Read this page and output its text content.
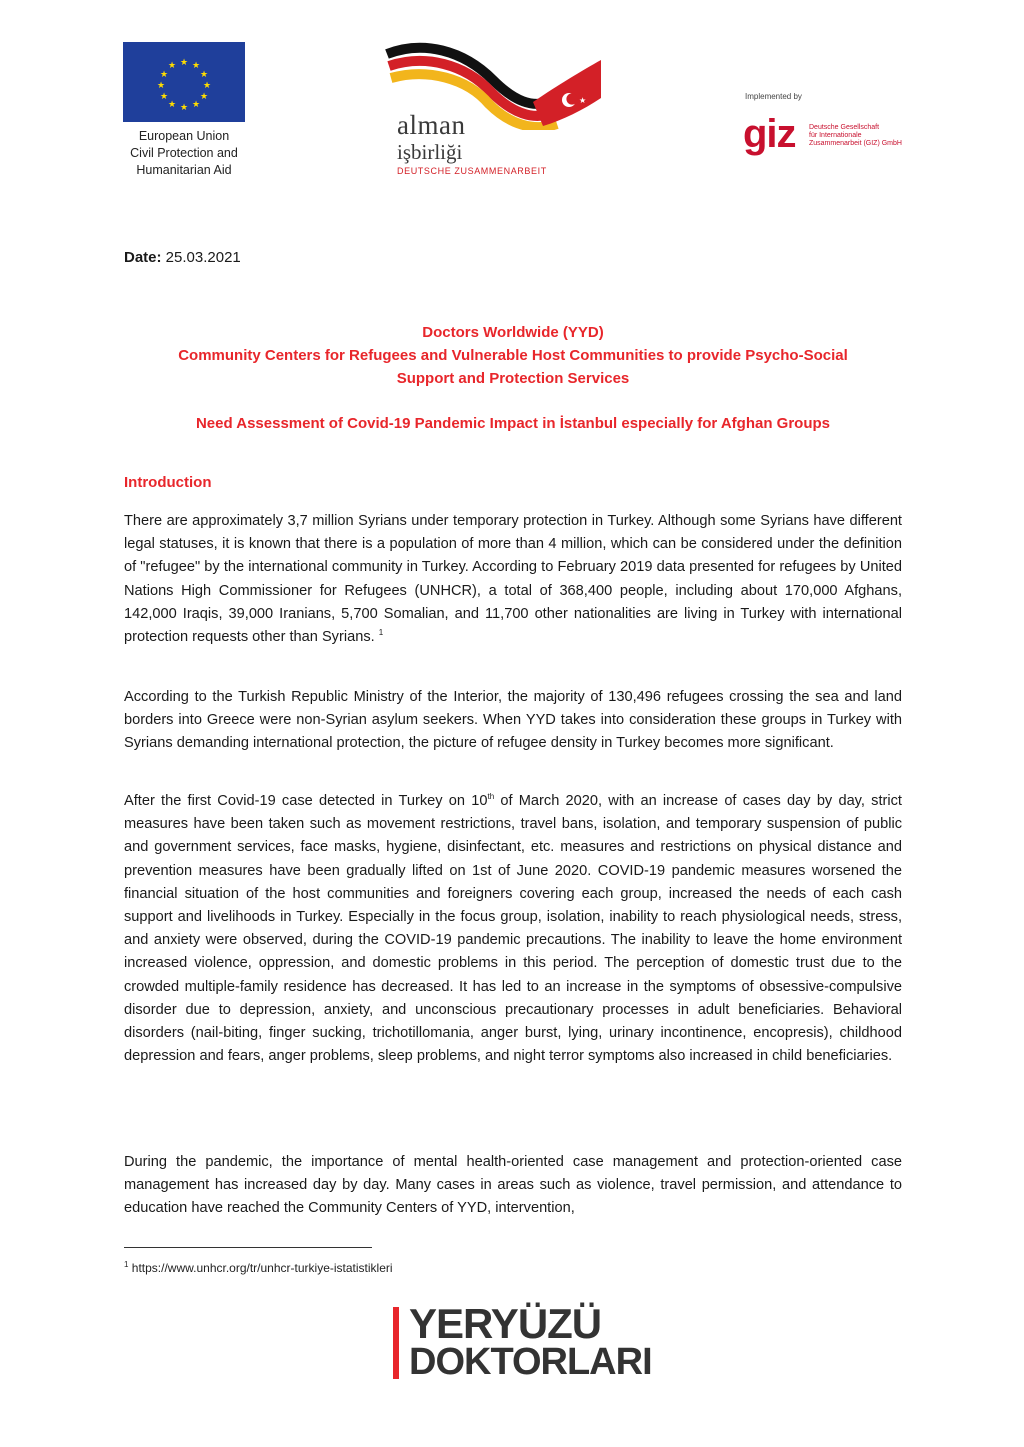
★ ★
★
★
★
★
★
★
★
★
★
★
European Union
Civil Protection and
Humanitarian Aid
★
alman
işbirliği
DEUTSCHE ZUSAMMENARBEIT
Implemented by
giz Deutsche Gesellschaft
für Internationale
Zusammenarbeit (GIZ) GmbH
Date: 25.03.2021
Doctors Worldwide (YYD)
Community Centers for Refugees and Vulnerable Host Communities to provide Psycho-Social
Support and Protection Services
Need Assessment of Covid-19 Pandemic Impact in İstanbul especially for Afghan Groups
Introduction

There are approximately 3,7 million Syrians under temporary protection in Turkey. Although some Syrians have different legal statuses, it is known that there is a population of more than 4 million, which can be considered under the definition of "refugee" by the international community in Turkey. According to February 2019 data presented for refugees by United Nations High Commissioner for Refugees (UNHCR), a total of 368,400 people, including about 170,000 Afghans, 142,000 Iraqis, 39,000 Iranians, 5,700 Somalian, and 11,700 other nationalities are living in Turkey with international protection requests other than Syrians. $^1$

According to the Turkish Republic Ministry of the Interior, the majority of 130,496 refugees crossing the sea and land borders into Greece were non-Syrian asylum seekers. When YYD takes into consideration these groups in Turkey with Syrians demanding international protection, the picture of refugee density in Turkey becomes more significant.

After the first Covid-19 case detected in Turkey on 10th of March 2020, with an increase of cases day by day, strict measures have been taken such as movement restrictions, travel bans, isolation, and temporary suspension of public and government services, face masks, hygiene, disinfectant, etc. measures and restrictions on physical distance and prevention measures have been gradually lifted on 1st of June 2020. COVID-19 pandemic measures worsened the financial situation of the host communities and foreigners covering each group, increased the needs of each cash support and livelihoods in Turkey. Especially in the focus group, isolation, inability to reach physiological needs, stress, and anxiety were observed, during the COVID-19 pandemic precautions. The inability to leave the home environment increased violence, oppression, and domestic problems in this period. The perception of domestic trust due to the crowded multiple-family residence has decreased. It has led to an increase in the symptoms of obsessive-compulsive disorder due to depression, anxiety, and unconscious precautionary processes in adult beneficiaries. Behavioral disorders (nail-biting, finger sucking, trichotillomania, anger burst, lying, urinary incontinence, encopresis), childhood depression and fears, anger problems, sleep problems, and night terror symptoms also increased in child beneficiaries.

During the pandemic, the importance of mental health-oriented case management and protection-oriented case management has increased day by day. Many cases in areas such as violence, travel permission, and attendance to education have reached the Community Centers of YYD, intervention,

$^1$ https://www.unhcr.org/tr/unhcr-turkiye-istatistikleri
YERYÜZÜ
DOKTORLARI
